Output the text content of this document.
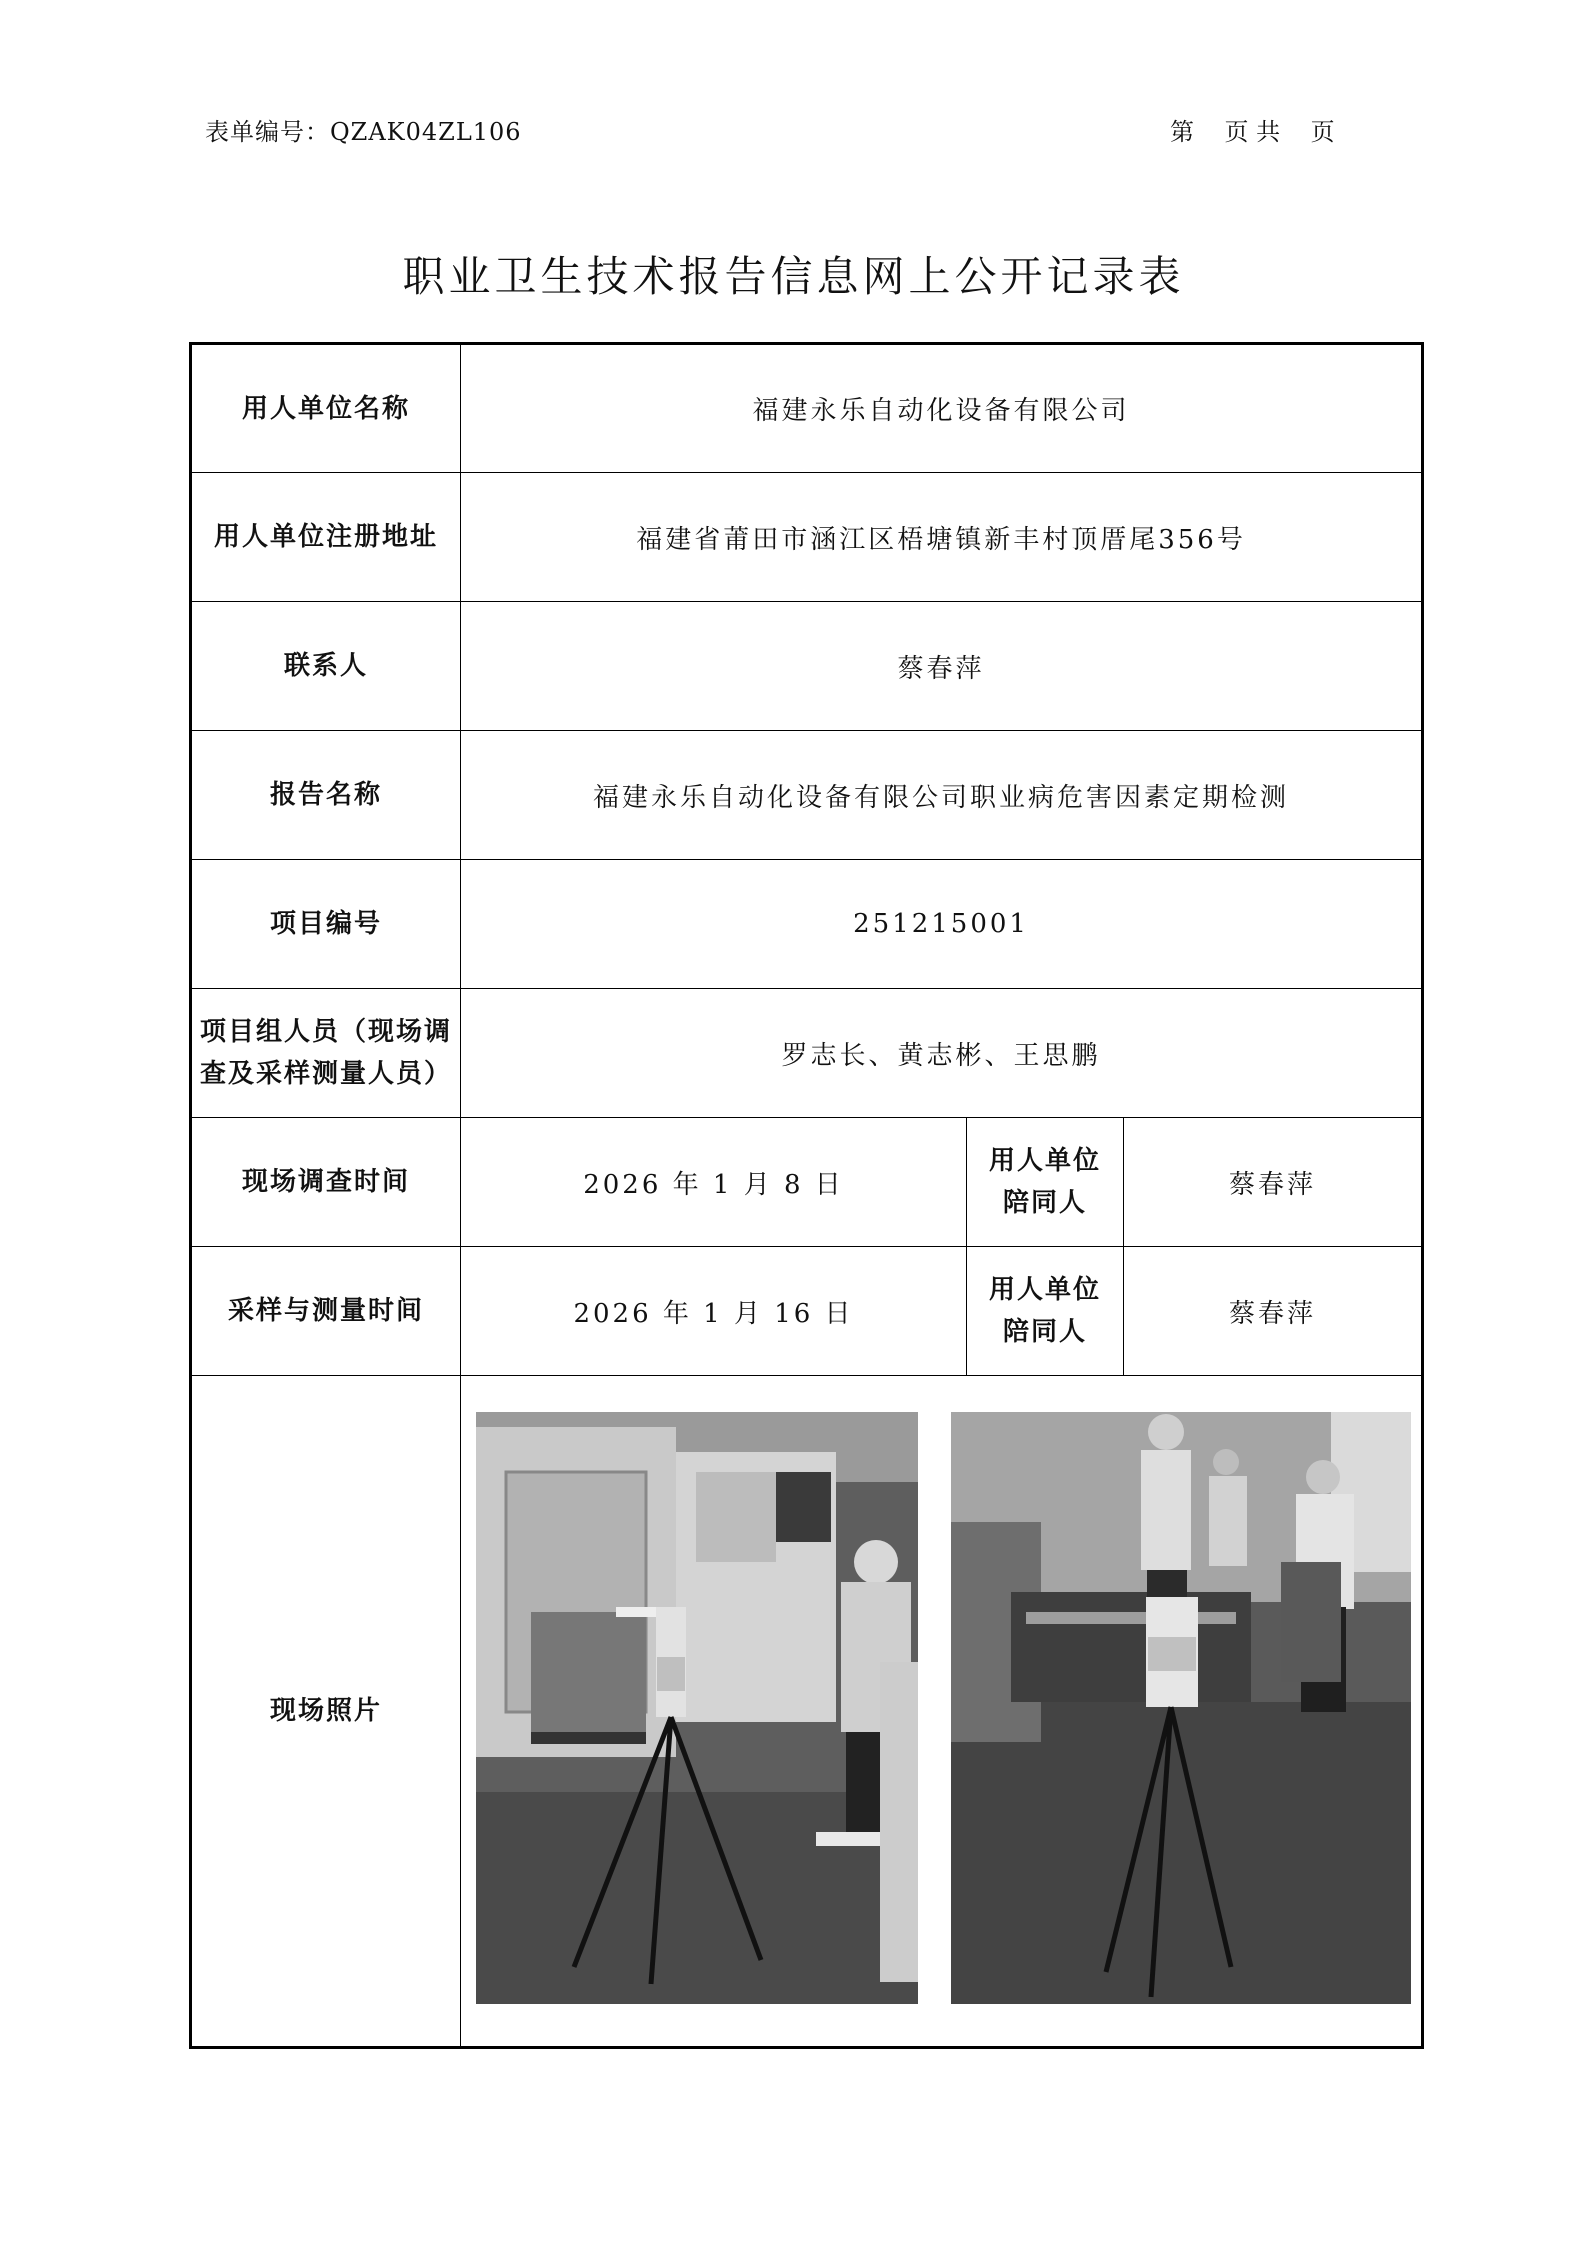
表单编号：QZAK04ZL106	第    页 共    页
职业卫生技术报告信息网上公开记录表
用人单位名称	福建永乐自动化设备有限公司		
用人单位注册地址	福建省莆田市涵江区梧塘镇新丰村顶厝尾356号		
联系人	蔡春萍		
报告名称	福建永乐自动化设备有限公司职业病危害因素定期检测		
项目编号	251215001		

项目组人员（现场调
查及采样测量人员）	罗志长、黄志彬、王思鹏		
现场调查时间	2026 年 1 月 8 日	用人单位
陪同人	蔡春萍
采样与测量时间	2026 年 1 月 16 日	用人单位
陪同人	蔡春萍
现场照片	
